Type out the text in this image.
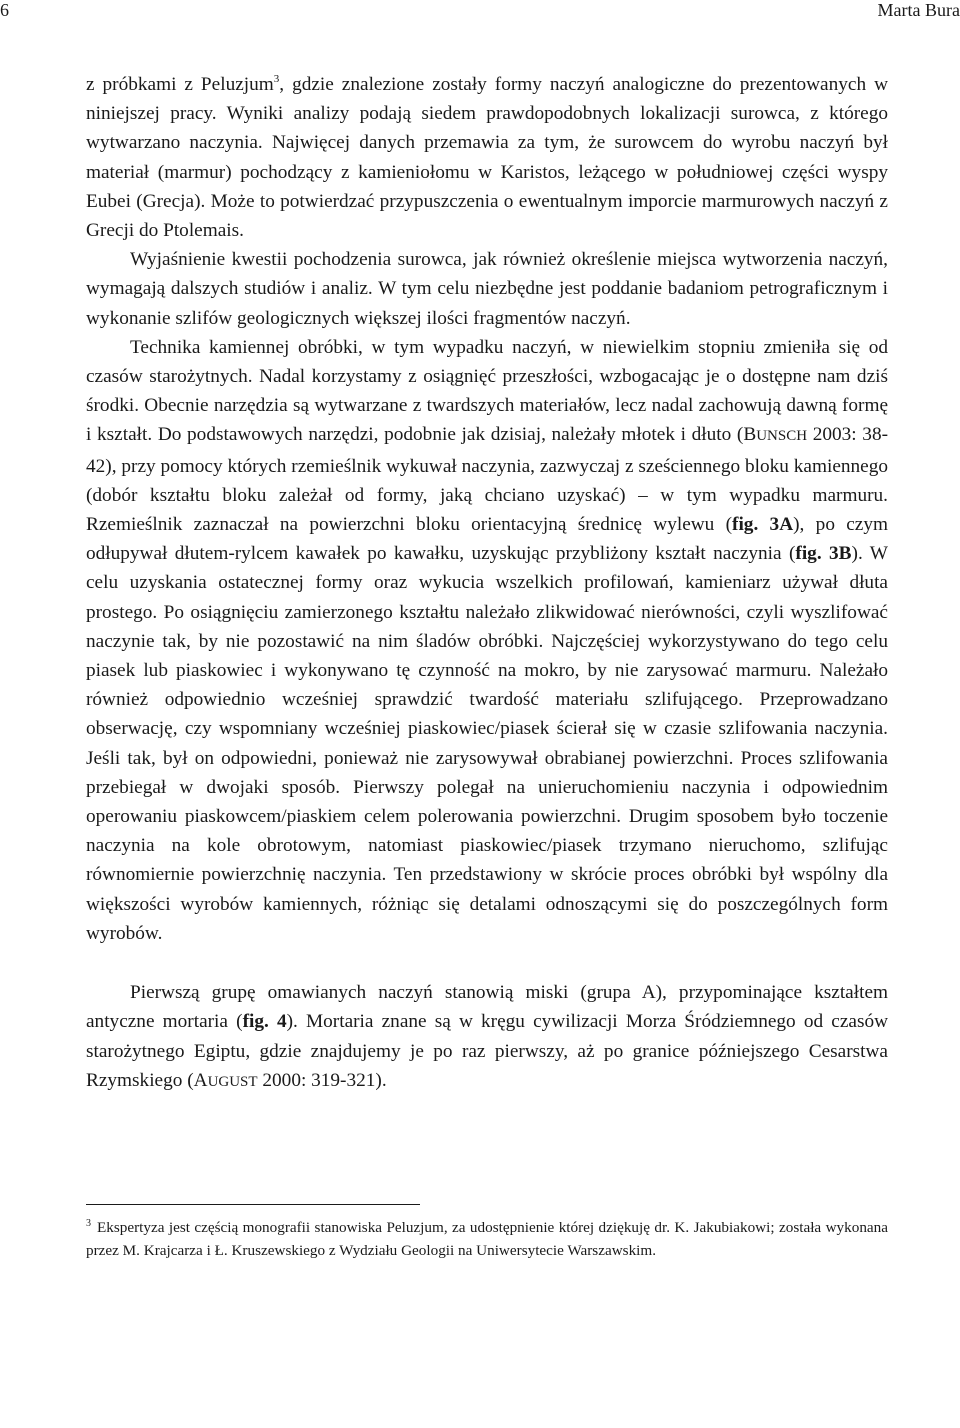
6	Marta Bura

z próbkami z Peluzjum$^3$, gdzie znalezione zostały formy naczyń analogiczne do prezentowanych w niniejszej pracy. Wyniki analizy podają siedem prawdopodobnych lokalizacji surowca, z którego wytwarzano naczynia. Najwięcej danych przemawia za tym, że surowcem do wyrobu naczyń był materiał (marmur) pochodzący z kamieniołomu w Karistos, leżącego w południowej części wyspy Eubei (Grecja). Może to potwierdzać przypuszczenia o ewentualnym imporcie marmurowych naczyń z Grecji do Ptolemais.

Wyjaśnienie kwestii pochodzenia surowca, jak również określenie miejsca wytworzenia naczyń, wymagają dalszych studiów i analiz. W tym celu niezbędne jest poddanie badaniom petrograficznym i wykonanie szlifów geologicznych większej ilości fragmentów naczyń.

Technika kamiennej obróbki, w tym wypadku naczyń, w niewielkim stopniu zmieniła się od czasów starożytnych. Nadal korzystamy z osiągnięć przeszłości, wzbogacając je o dostępne nam dziś środki. Obecnie narzędzia są wytwarzane z twardszych materiałów, lecz nadal zachowują dawną formę i kształt. Do podstawowych narzędzi, podobnie jak dzisiaj, należały młotek i dłuto (BUNSCH 2003: 38-42), przy pomocy których rzemieślnik wykuwał naczynia, zazwyczaj z sześciennego bloku kamiennego (dobór kształtu bloku zależał od formy, jaką chciano uzyskać) – w tym wypadku marmuru. Rzemieślnik zaznaczał na powierzchni bloku orientacyjną średnicę wylewu (fig. 3A), po czym odłupywał dłutem-rylcem kawałek po kawałku, uzyskując przybliżony kształt naczynia (fig. 3B). W celu uzyskania ostatecznej formy oraz wykucia wszelkich profilowań, kamieniarz używał dłuta prostego. Po osiągnięciu zamierzonego kształtu należało zlikwidować nierówności, czyli wyszlifować naczynie tak, by nie pozostawić na nim śladów obróbki. Najczęściej wykorzystywano do tego celu piasek lub piaskowiec i wykonywano tę czynność na mokro, by nie zarysować marmuru. Należało również odpowiednio wcześniej sprawdzić twardość materiału szlifującego. Przeprowadzano obserwację, czy wspomniany wcześniej piaskowiec/piasek ścierał się w czasie szlifowania naczynia. Jeśli tak, był on odpowiedni, ponieważ nie zarysowywał obrabianej powierzchni. Proces szlifowania przebiegał w dwojaki sposób. Pierwszy polegał na unieruchomieniu naczynia i odpowiednim operowaniu piaskowcem/piaskiem celem polerowania powierzchni. Drugim sposobem było toczenie naczynia na kole obrotowym, natomiast piaskowiec/piasek trzymano nieruchomo, szlifując równomiernie powierzchnię naczynia. Ten przedstawiony w skrócie proces obróbki był wspólny dla większości wyrobów kamiennych, różniąc się detalami odnoszącymi się do poszczególnych form wyrobów.

Pierwszą grupę omawianych naczyń stanowią miski (grupa A), przypominające kształtem antyczne mortaria (fig. 4). Mortaria znane są w kręgu cywilizacji Morza Śródziemnego od czasów starożytnego Egiptu, gdzie znajdujemy je po raz pierwszy, aż po granice późniejszego Cesarstwa Rzymskiego (AUGUST 2000: 319-321).

$^3$ Ekspertyza jest częścią monografii stanowiska Peluzjum, za udostępnienie której dziękuję dr. K. Jakubiakowi; została wykonana przez M. Krajcarza i Ł. Kruszewskiego z Wydziału Geologii na Uniwersytecie Warszawskim.
